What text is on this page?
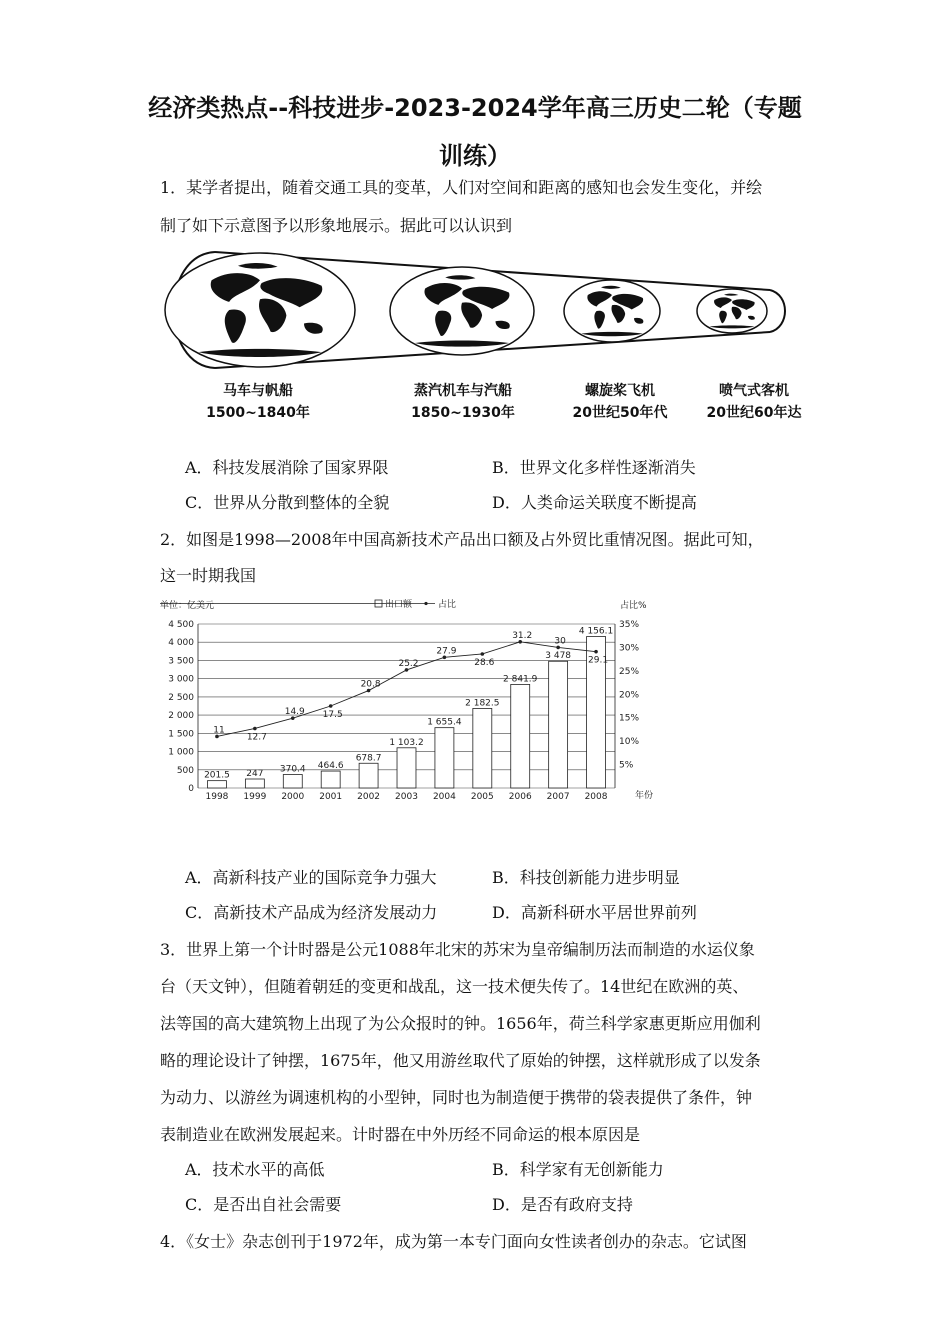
经济类热点--科技进步-2023-2024学年高三历史二轮（专题
训练）
1．某学者提出，随着交通工具的变革，人们对空间和距离的感知也会发生变化，并绘
制了如下示意图予以形象地展示。据此可以认识到
马车与帆船
1500~1840年
蒸汽机车与汽船
1850~1930年
螺旋桨飞机
20世纪50年代
喷气式客机
20世纪60年达
A．科技发展消除了国家界限	B．世界文化多样性逐渐消失
C．世界从分散到整体的全貌	D．人类命运关联度不断提高
2．如图是1998—2008年中国高新技术产品出口额及占外贸比重情况图。据此可知，
这一时期我国
单位：亿美元	占比%
出口额	占比
年份
0
500
1 000
1 500
2 000
2 500
3 000
3 500
4 000
4 500
5%
10%
15%
20%
25%
30%
35%
201.5
1998
247
1999
370.4
2000
464.6
2001
678.7
2002
1 103.2
2003
1 655.4
2004
2 182.5
2005
2 841.9
2006
3 478
2007
4 156.1
2008
11
12.7
14.9 17.5
20.8
25.2
27.9
28.6
31.2
30
29.1
A．高新科技产业的国际竞争力强大	B．科技创新能力进步明显
C．高新技术产品成为经济发展动力	D．高新科研水平居世界前列
3．世界上第一个计时器是公元1088年北宋的苏宋为皇帝编制历法而制造的水运仪象
台（天文钟），但随着朝廷的变更和战乱，这一技术便失传了。14世纪在欧洲的英、
法等国的高大建筑物上出现了为公众报时的钟。1656年，荷兰科学家惠更斯应用伽利
略的理论设计了钟摆，1675年，他又用游丝取代了原始的钟摆，这样就形成了以发条
为动力、以游丝为调速机构的小型钟，同时也为制造便于携带的袋表提供了条件，钟
表制造业在欧洲发展起来。计时器在中外历经不同命运的根本原因是
A．技术水平的高低	B．科学家有无创新能力
C．是否出自社会需要	D．是否有政府支持
4．《女士》杂志创刊于1972年，成为第一本专门面向女性读者创办的杂志。它试图
